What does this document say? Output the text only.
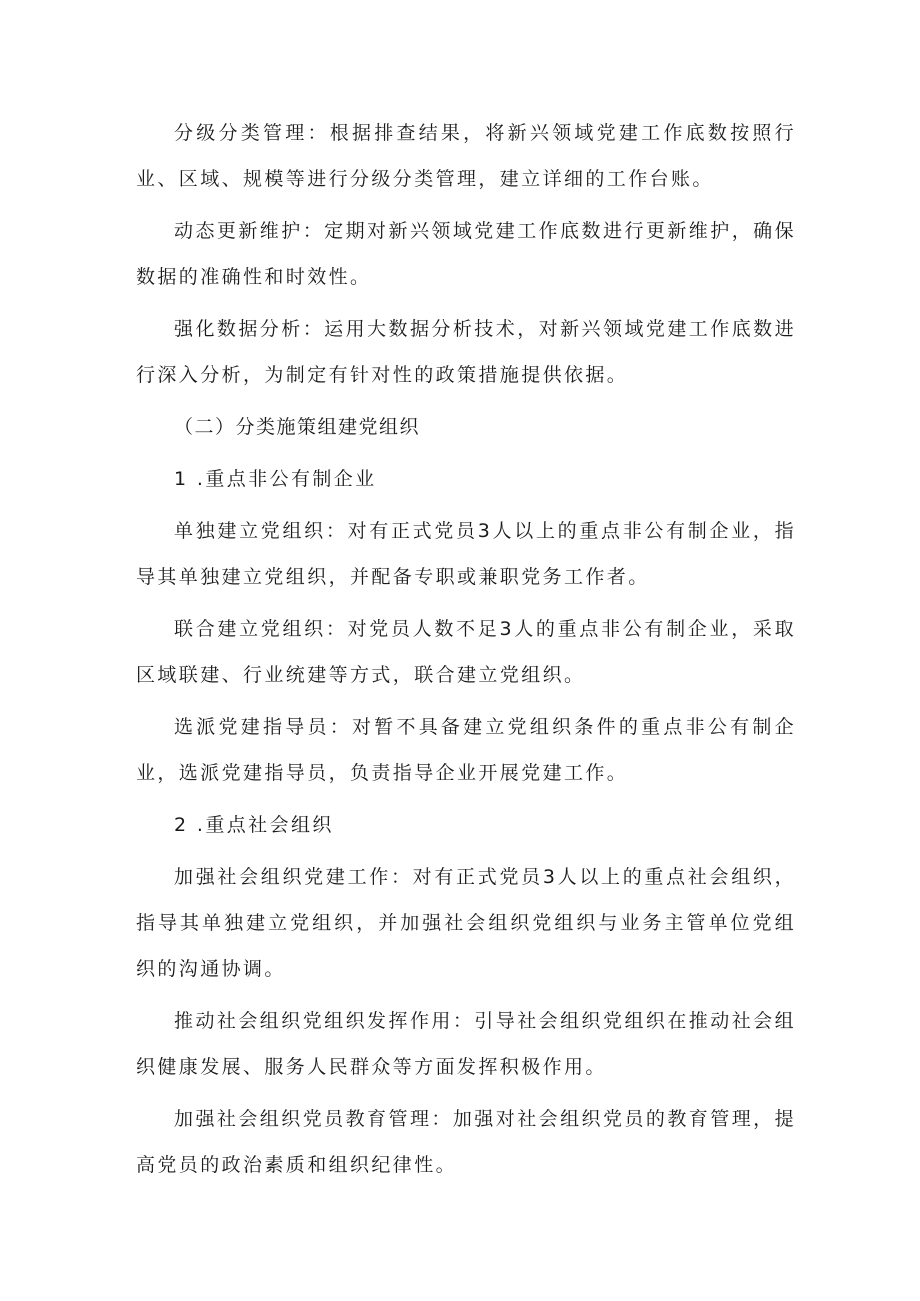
分级分类管理：根据排查结果，将新兴领域党建工作底数按照行业、区域、规模等进行分级分类管理，建立详细的工作台账。

动态更新维护：定期对新兴领域党建工作底数进行更新维护，确保数据的准确性和时效性。

强化数据分析：运用大数据分析技术，对新兴领域党建工作底数进行深入分析，为制定有针对性的政策措施提供依据。

（二）分类施策组建党组织

1 .重点非公有制企业

单独建立党组织：对有正式党员3人以上的重点非公有制企业，指导其单独建立党组织，并配备专职或兼职党务工作者。

联合建立党组织：对党员人数不足3人的重点非公有制企业，采取区域联建、行业统建等方式，联合建立党组织。

选派党建指导员：对暂不具备建立党组织条件的重点非公有制企业，选派党建指导员，负责指导企业开展党建工作。

2 .重点社会组织

加强社会组织党建工作：对有正式党员3人以上的重点社会组织，指导其单独建立党组织，并加强社会组织党组织与业务主管单位党组织的沟通协调。

推动社会组织党组织发挥作用：引导社会组织党组织在推动社会组织健康发展、服务人民群众等方面发挥积极作用。

加强社会组织党员教育管理：加强对社会组织党员的教育管理，提高党员的政治素质和组织纪律性。
